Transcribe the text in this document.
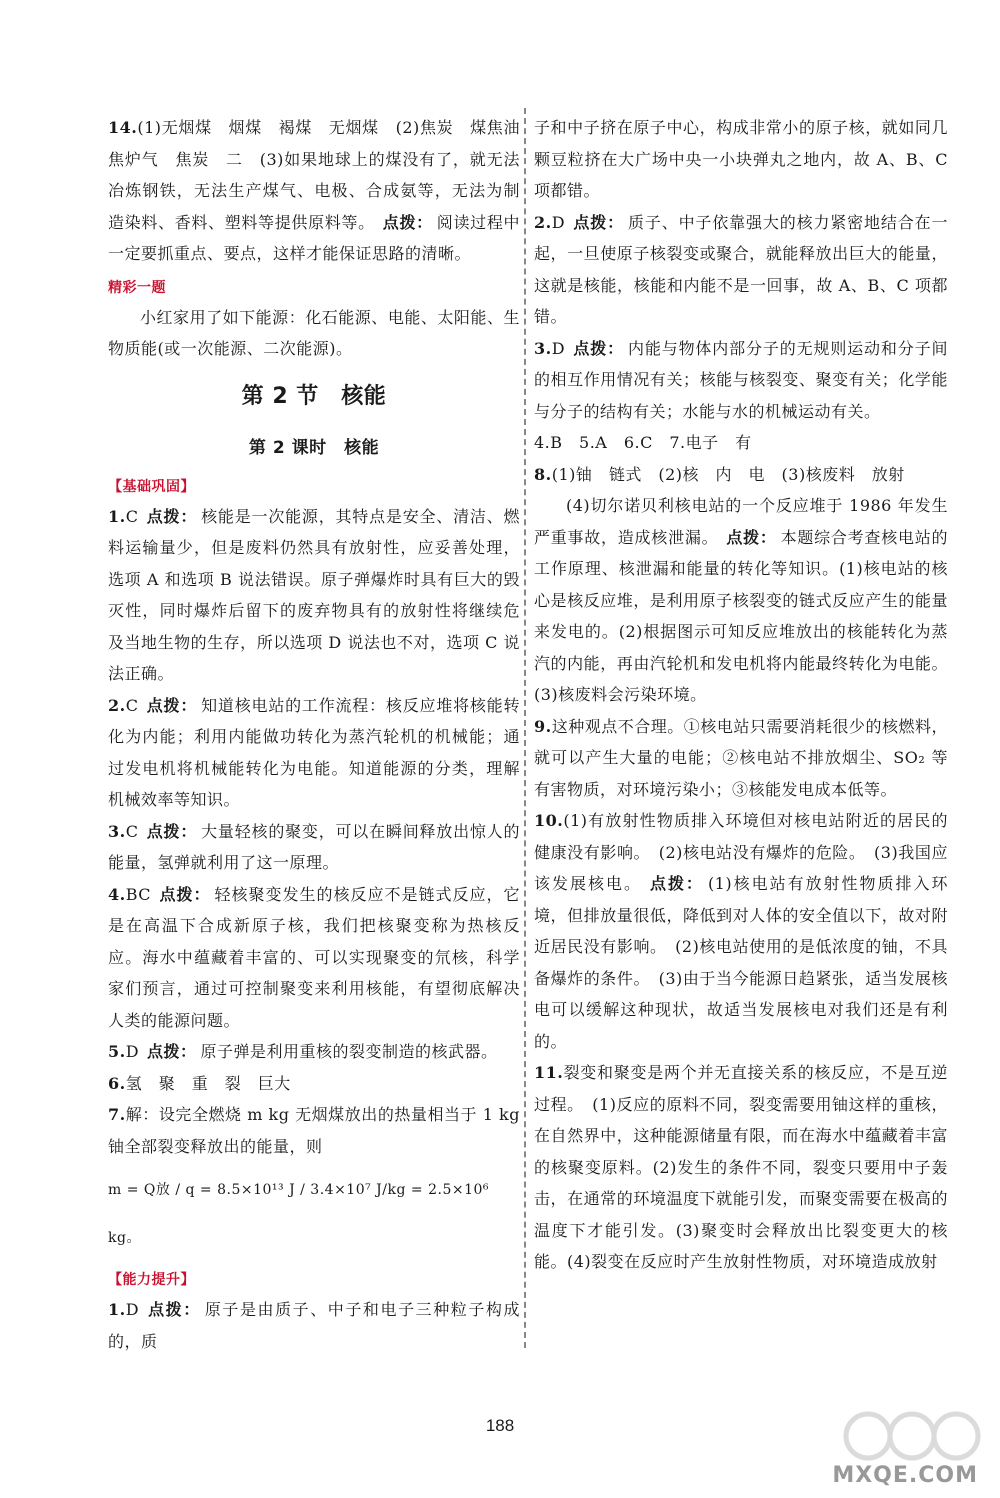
14.(1)无烟煤　烟煤　褐煤　无烟煤　(2)焦炭　煤焦油　焦炉气　焦炭　二　(3)如果地球上的煤没有了，就无法冶炼钢铁，无法生产煤气、电极、合成氨等，无法为制造染料、香料、塑料等提供原料等。 点拨： 阅读过程中一定要抓重点、要点，这样才能保证思路的清晰。
精彩一题
小红家用了如下能源：化石能源、电能、太阳能、生物质能(或一次能源、二次能源)。
第 2 节　核能
第 2 课时　核能
【基础巩固】
1.C 点拨： 核能是一次能源，其特点是安全、清洁、燃料运输量少，但是废料仍然具有放射性，应妥善处理，选项 A 和选项 B 说法错误。原子弹爆炸时具有巨大的毁灭性，同时爆炸后留下的废弃物具有的放射性将继续危及当地生物的生存，所以选项 D 说法也不对，选项 C 说法正确。
2.C 点拨： 知道核电站的工作流程：核反应堆将核能转化为内能；利用内能做功转化为蒸汽轮机的机械能；通过发电机将机械能转化为电能。知道能源的分类，理解机械效率等知识。
3.C 点拨： 大量轻核的聚变，可以在瞬间释放出惊人的能量，氢弹就利用了这一原理。
4.BC 点拨： 轻核聚变发生的核反应不是链式反应，它是在高温下合成新原子核，我们把核聚变称为热核反应。海水中蕴藏着丰富的、可以实现聚变的氘核，科学家们预言，通过可控制聚变来利用核能，有望彻底解决人类的能源问题。
5.D 点拨： 原子弹是利用重核的裂变制造的核武器。
6.氢　聚　重　裂　巨大
7.解：设完全燃烧 m kg 无烟煤放出的热量相当于 1 kg 铀全部裂变释放出的能量，则
m = Q放 / q = 8.5×10¹³ J / 3.4×10⁷ J/kg = 2.5×10⁶ kg。
【能力提升】
1.D 点拨： 原子是由质子、中子和电子三种粒子构成的，质
子和中子挤在原子中心，构成非常小的原子核，就如同几颗豆粒挤在大广场中央一小块弹丸之地内，故 A、B、C 项都错。
2.D 点拨： 质子、中子依靠强大的核力紧密地结合在一起，一旦使原子核裂变或聚合，就能释放出巨大的能量，这就是核能，核能和内能不是一回事，故 A、B、C 项都错。
3.D 点拨： 内能与物体内部分子的无规则运动和分子间的相互作用情况有关；核能与核裂变、聚变有关；化学能与分子的结构有关；水能与水的机械运动有关。
4.B　5.A　6.C　7.电子　有
8.(1)铀　链式　(2)核　内　电　(3)核废料　放射
(4)切尔诺贝利核电站的一个反应堆于 1986 年发生严重事故，造成核泄漏。 点拨： 本题综合考查核电站的工作原理、核泄漏和能量的转化等知识。(1)核电站的核心是核反应堆，是利用原子核裂变的链式反应产生的能量来发电的。(2)根据图示可知反应堆放出的核能转化为蒸汽的内能，再由汽轮机和发电机将内能最终转化为电能。(3)核废料会污染环境。
9.这种观点不合理。①核电站只需要消耗很少的核燃料，就可以产生大量的电能；②核电站不排放烟尘、SO₂ 等有害物质，对环境污染小；③核能发电成本低等。
10.(1)有放射性物质排入环境但对核电站附近的居民的健康没有影响。　(2)核电站没有爆炸的危险。　(3)我国应该发展核电。 点拨： (1)核电站有放射性物质排入环境，但排放量很低，降低到对人体的安全值以下，故对附近居民没有影响。　(2)核电站使用的是低浓度的铀，不具备爆炸的条件。　(3)由于当今能源日趋紧张，适当发展核电可以缓解这种现状，故适当发展核电对我们还是有利的。
11.裂变和聚变是两个并无直接关系的核反应，不是互逆过程。　(1)反应的原料不同，裂变需要用铀这样的重核，在自然界中，这种能源储量有限，而在海水中蕴藏着丰富的核聚变原料。(2)发生的条件不同，裂变只要用中子轰击，在通常的环境温度下就能引发，而聚变需要在极高的温度下才能引发。(3)聚变时会释放出比裂变更大的核能。(4)裂变在反应时产生放射性物质，对环境造成放射
188
MXQE.COM
